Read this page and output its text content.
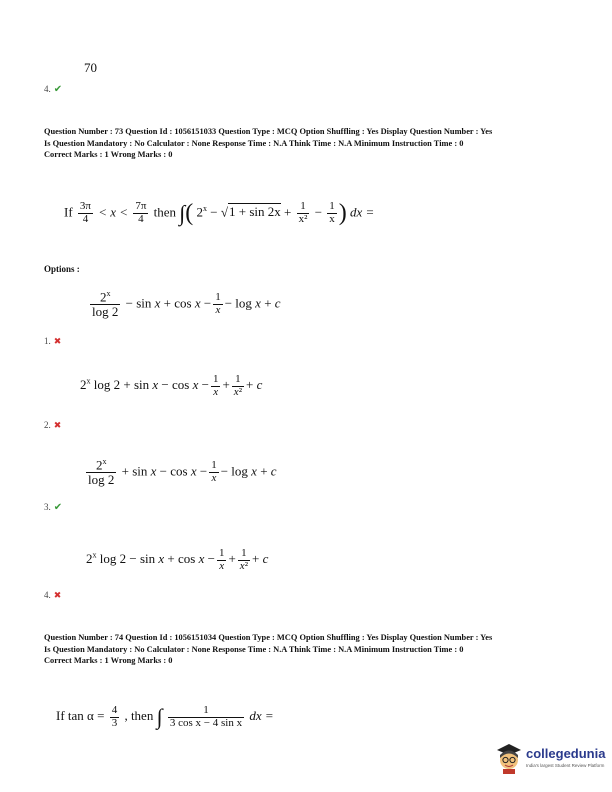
70
4. ✔
Question Number : 73 Question Id : 1056151033 Question Type : MCQ Option Shuffling : Yes Display Question Number : Yes
Is Question Mandatory : No Calculator : None Response Time : N.A Think Time : N.A Minimum Instruction Time : 0
Correct Marks : 1 Wrong Marks : 0
If $\frac{3\pi}{4} < x < \frac{7\pi}{4}$ then ∫( $2^x - √1 + \sin 2x + \frac{1}{\text{x²}} - \frac{1}{x}$ ) dx =
Options :
$\frac{2^x}{\log 2} - \sin x + \cos x - \frac{1}{x} - \log x + c$
1. ✖
2$^x$ $\log 2 + \sin x - \cos x - \frac{1}{x} + \frac{1}{\text{x²}} + c$
2. ✖
$\frac{2^x}{\log 2} + \sin x - \cos x - \frac{1}{x} - \log x + c$
3. ✔
2$^x$ $\log 2 - \sin x + \cos x - \frac{1}{x} + \frac{1}{\text{x²}} + c$
4. ✖
Question Number : 74 Question Id : 1056151034 Question Type : MCQ Option Shuffling : Yes Display Question Number : Yes
Is Question Mandatory : No Calculator : None Response Time : N.A Think Time : N.A Minimum Instruction Time : 0
Correct Marks : 1 Wrong Marks : 0
If $\tan \alpha = \frac{4}{3}$ , then ∫ $\frac{1}{\text{3 cos x − 4 sin x}}$ dx =
collegedunia
India's largest Student Review Platform
